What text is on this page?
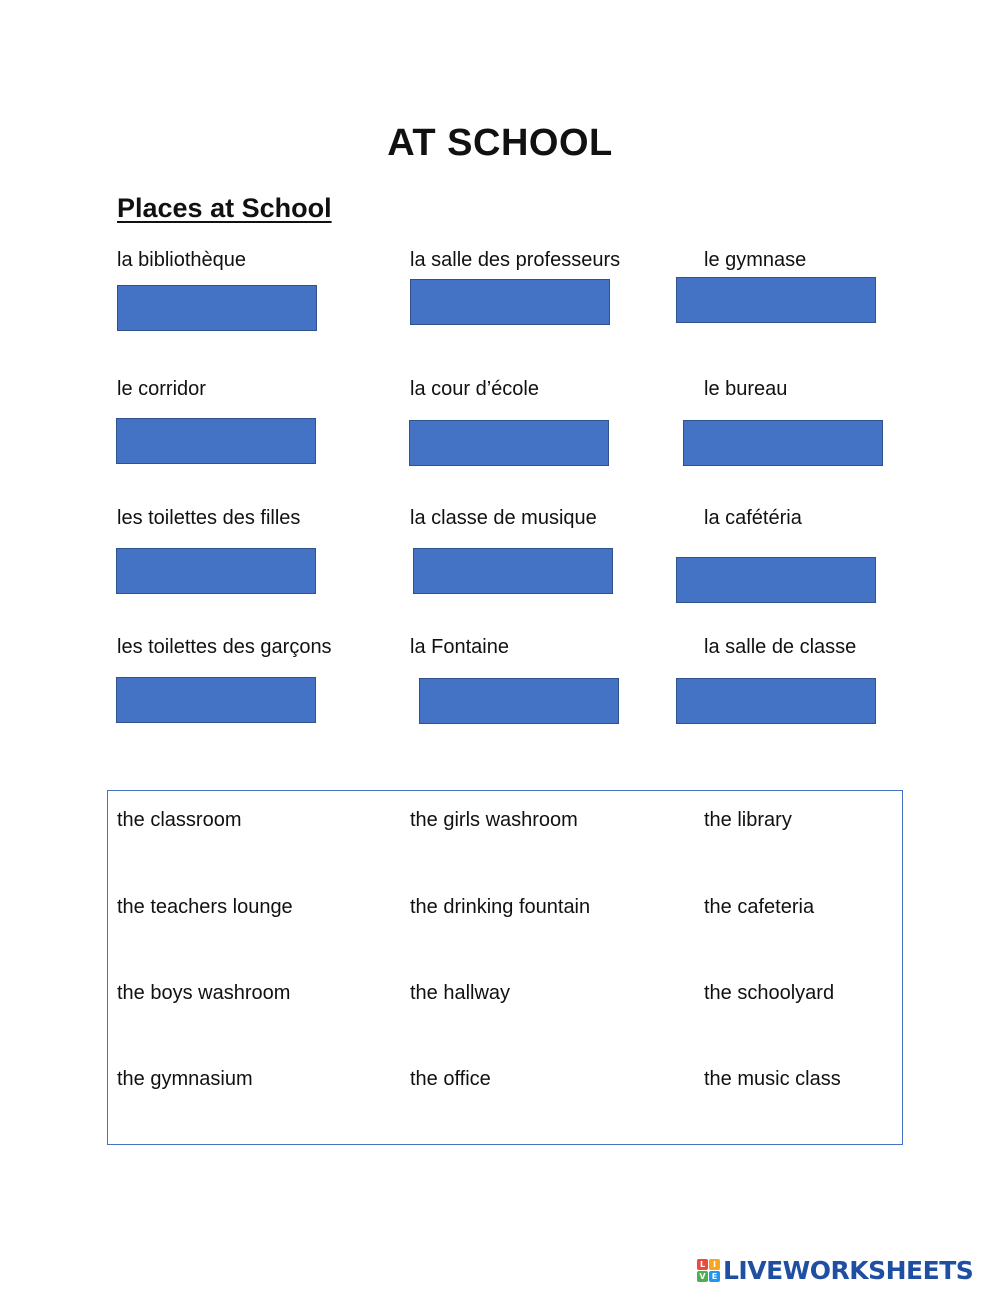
AT SCHOOL
Places at School
la bibliothèque	la salle des professeurs	le gymnase
le corridor	la cour d’école	le bureau
les toilettes des filles	la classe de musique	la cafétéria
les toilettes des garçons	la Fontaine	la salle de classe
the classroom	the girls washroom	the library
the teachers lounge	the drinking fountain	the cafeteria
the boys washroom	the hallway	the schoolyard
the gymnasium	the office	the music class
L I
V E LIVEWORKSHEETS
